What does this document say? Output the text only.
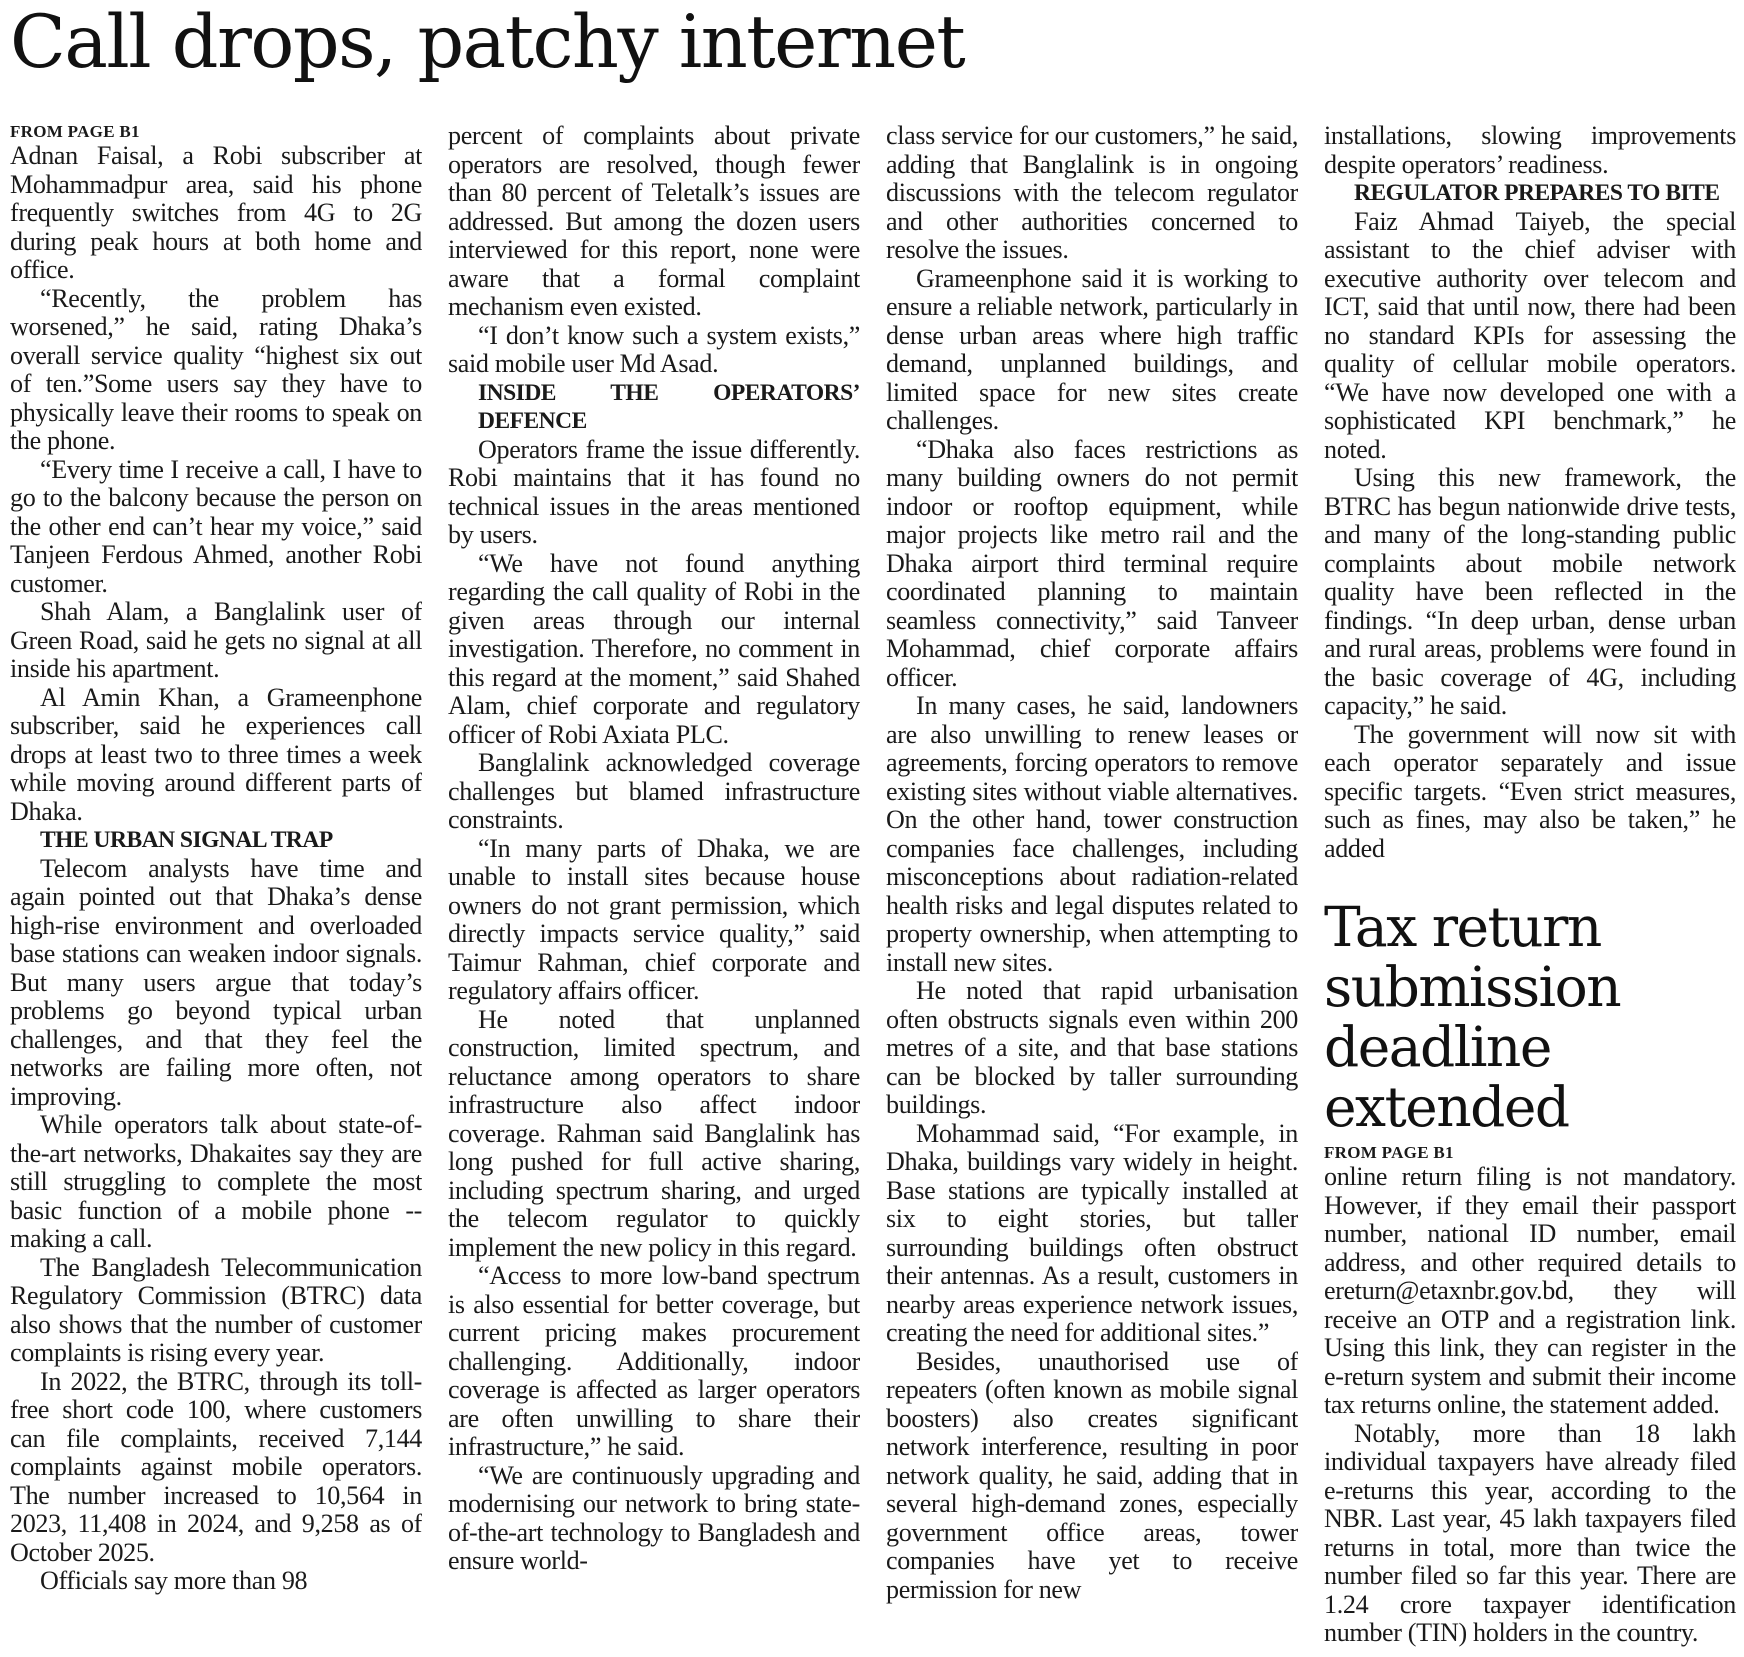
Call drops, patchy internet
FROM PAGE B1

Adnan Faisal, a Robi subscriber at Mohammadpur area, said his phone frequently switches from 4G to 2G during peak hours at both home and office.

“Recently, the problem has worsened,” he said, rating Dhaka’s overall service quality “highest six out of ten.”Some users say they have to physically leave their rooms to speak on the phone.

“Every time I receive a call, I have to go to the balcony because the person on the other end can’t hear my voice,” said Tanjeen Ferdous Ahmed, another Robi customer.

Shah Alam, a Banglalink user of Green Road, said he gets no signal at all inside his apartment.

Al Amin Khan, a Grameenphone subscriber, said he experiences call drops at least two to three times a week while moving around different parts of Dhaka.

THE URBAN SIGNAL TRAP

Telecom analysts have time and again pointed out that Dhaka’s dense high-rise environment and overloaded base stations can weaken indoor signals. But many users argue that today’s problems go beyond typical urban challenges, and that they feel the networks are failing more often, not improving.

While operators talk about state-of-the-art networks, Dhakaites say they are still struggling to complete the most basic function of a mobile phone -- making a call.

The Bangladesh Telecommunication Regulatory Commission (BTRC) data also shows that the number of customer complaints is rising every year.

In 2022, the BTRC, through its toll-free short code 100, where customers can file complaints, received 7,144 complaints against mobile operators. The number increased to 10,564 in 2023, 11,408 in 2024, and 9,258 as of October 2025.

Officials say more than 98

percent of complaints about private operators are resolved, though fewer than 80 percent of Teletalk’s issues are addressed. But among the dozen users interviewed for this report, none were aware that a formal complaint mechanism even existed.

“I don’t know such a system exists,” said mobile user Md Asad.

INSIDE THE OPERATORS’ DEFENCE

Operators frame the issue differently. Robi maintains that it has found no technical issues in the areas mentioned by users.

“We have not found anything regarding the call quality of Robi in the given areas through our internal investigation. Therefore, no comment in this regard at the moment,” said Shahed Alam, chief corporate and regulatory officer of Robi Axiata PLC.

Banglalink acknowledged coverage challenges but blamed infrastructure constraints.

“In many parts of Dhaka, we are unable to install sites because house owners do not grant permission, which directly impacts service quality,” said Taimur Rahman, chief corporate and regulatory affairs officer.

He noted that unplanned construction, limited spectrum, and reluctance among operators to share infrastructure also affect indoor coverage. Rahman said Banglalink has long pushed for full active sharing, including spectrum sharing, and urged the telecom regulator to quickly implement the new policy in this regard.

“Access to more low-band spectrum is also essential for better coverage, but current pricing makes procurement challenging. Additionally, indoor coverage is affected as larger operators are often unwilling to share their infrastructure,” he said.

“We are continuously upgrading and modernising our network to bring state-of-the-art technology to Bangladesh and ensure world-

class service for our customers,” he said, adding that Banglalink is in ongoing discussions with the telecom regulator and other authorities concerned to resolve the issues.

Grameenphone said it is working to ensure a reliable network, particularly in dense urban areas where high traffic demand, unplanned buildings, and limited space for new sites create challenges.

“Dhaka also faces restrictions as many building owners do not permit indoor or rooftop equipment, while major projects like metro rail and the Dhaka airport third terminal require coordinated planning to maintain seamless connectivity,” said Tanveer Mohammad, chief corporate affairs officer.

In many cases, he said, landowners are also unwilling to renew leases or agreements, forcing operators to remove existing sites without viable alternatives. On the other hand, tower construction companies face challenges, including misconceptions about radiation-related health risks and legal disputes related to property ownership, when attempting to install new sites.

He noted that rapid urbanisation often obstructs signals even within 200 metres of a site, and that base stations can be blocked by taller surrounding buildings.

Mohammad said, “For example, in Dhaka, buildings vary widely in height. Base stations are typically installed at six to eight stories, but taller surrounding buildings often obstruct their antennas. As a result, customers in nearby areas experience network issues, creating the need for additional sites.”

Besides, unauthorised use of repeaters (often known as mobile signal boosters) also creates significant network interference, resulting in poor network quality, he said, adding that in several high-demand zones, especially government office areas, tower companies have yet to receive permission for new

installations, slowing improvements despite operators’ readiness.

REGULATOR PREPARES TO BITE

Faiz Ahmad Taiyeb, the special assistant to the chief adviser with executive authority over telecom and ICT, said that until now, there had been no standard KPIs for assessing the quality of cellular mobile operators. “We have now developed one with a sophisticated KPI benchmark,” he noted.

Using this new framework, the BTRC has begun nationwide drive tests, and many of the long-standing public complaints about mobile network quality have been reflected in the findings. “In deep urban, dense urban and rural areas, problems were found in the basic coverage of 4G, including capacity,” he said.

The government will now sit with each operator separately and issue specific targets. “Even strict measures, such as fines, may also be taken,” he added

Tax return submission deadline extended
FROM PAGE B1

online return filing is not mandatory. However, if they email their passport number, national ID number, email address, and other required details to ereturn@etaxnbr.gov.bd, they will receive an OTP and a registration link. Using this link, they can register in the e-return system and submit their income tax returns online, the statement added.

Notably, more than 18 lakh individual taxpayers have already filed e-returns this year, according to the NBR. Last year, 45 lakh taxpayers filed returns in total, more than twice the number filed so far this year. There are 1.24 crore taxpayer identification number (TIN) holders in the country.
